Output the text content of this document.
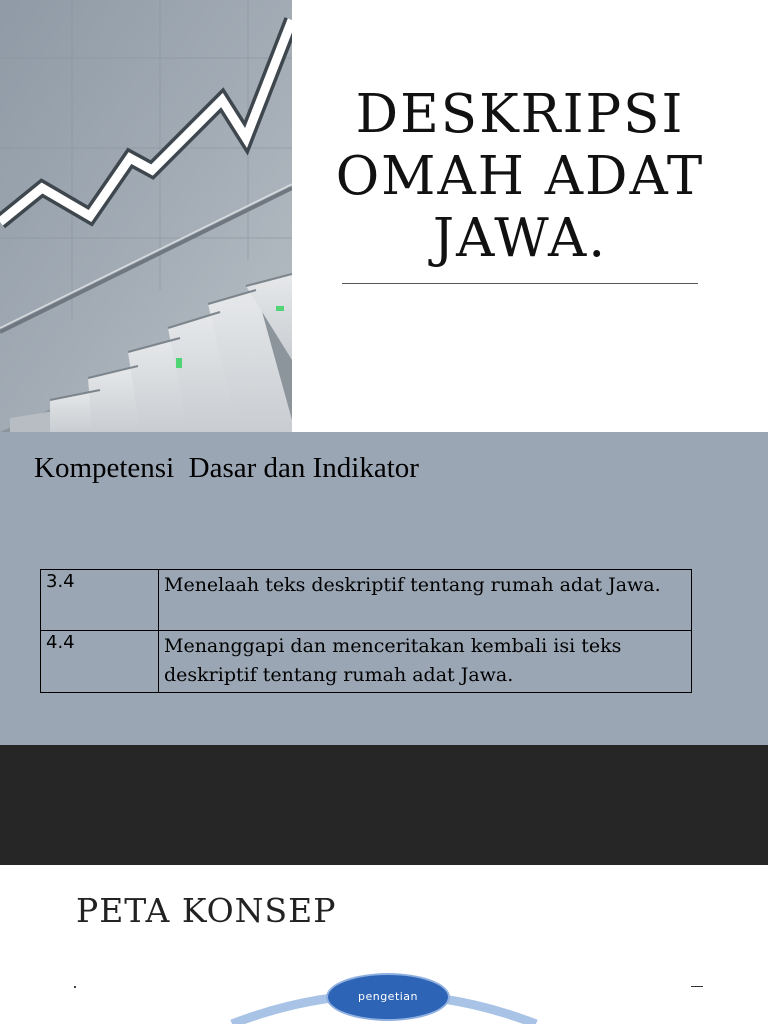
DESKRIPSI
OMAH ADAT
JAWA.
Kompetensi  Dasar dan Indikator
3.4	Menelaah teks deskriptif tentang rumah adat Jawa.
4.4	Menanggapi dan menceritakan kembali isi teks deskriptif tentang rumah adat Jawa.
PETA KONSEP
pengetian
